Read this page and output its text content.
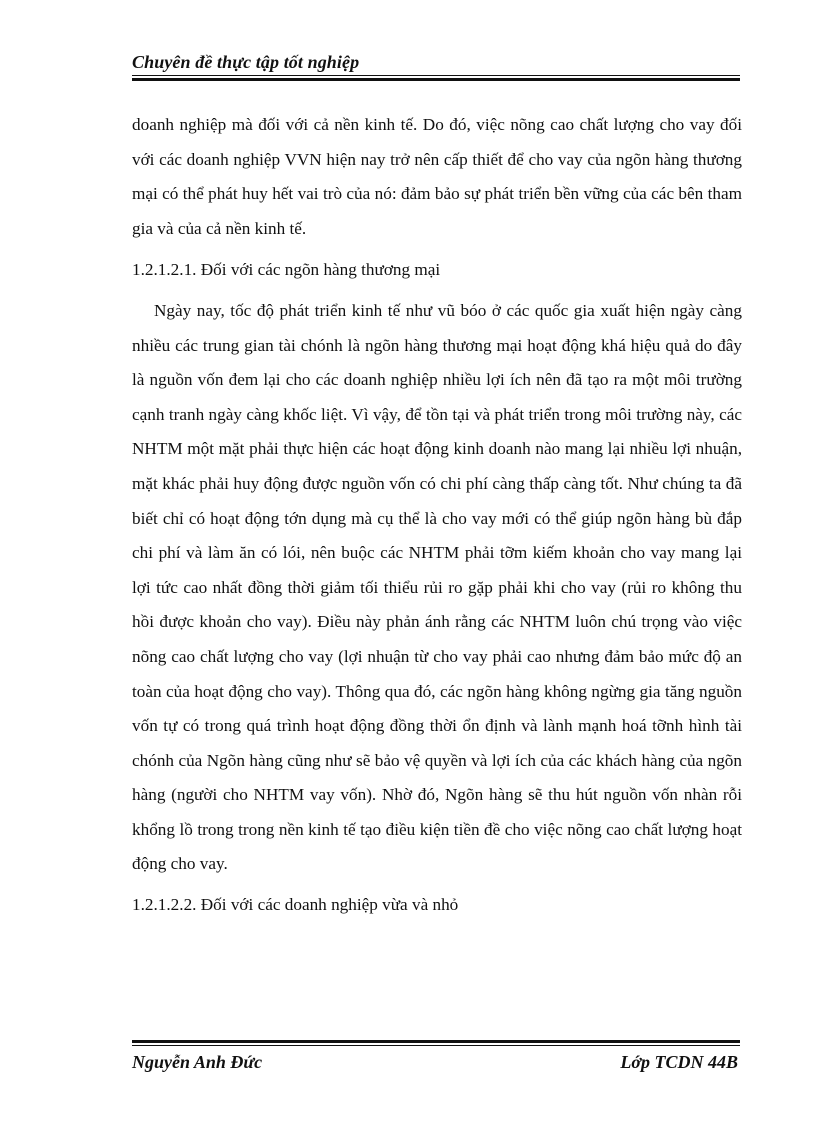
Chuyên đề thực tập tốt nghiệp

doanh nghiệp mà đối với cả nền kinh tế. Do đó, việc nõng cao chất lượng cho vay đối với các doanh nghiệp VVN hiện nay trở nên cấp thiết để cho vay của ngõn hàng thương mại có thể phát huy hết vai trò của nó: đảm bảo sự phát triển bền vững của các bên tham gia và của cả nền kinh tế.

1.2.1.2.1. Đối với các ngõn hàng thương mại

Ngày nay, tốc độ phát triển kinh tế như vũ bóo ở các quốc gia xuất hiện ngày càng nhiều các trung gian tài chónh là ngõn hàng thương mại hoạt động khá hiệu quả do đây là nguồn vốn đem lại cho các doanh nghiệp nhiều lợi ích nên đã tạo ra một môi trường cạnh tranh ngày càng khốc liệt. Vì vậy, để tồn tại và phát triển trong môi trường này, các NHTM một mặt phải thực hiện các hoạt động kinh doanh nào mang lại nhiều lợi nhuận, mặt khác phải huy động được nguồn vốn có chi phí càng thấp càng tốt. Như chúng ta đã biết chỉ có hoạt động tớn dụng mà cụ thể là cho vay mới có thể giúp ngõn hàng bù đắp chi phí và làm ăn có lói, nên buộc các NHTM phải tỡm kiếm khoản cho vay mang lại lợi tức cao nhất đồng thời giảm tối thiểu rủi ro gặp phải khi cho vay (rủi ro không thu hồi được khoản cho vay). Điều này phản ánh rằng các NHTM luôn chú trọng vào việc nõng cao chất lượng cho vay (lợi nhuận từ cho vay phải cao nhưng đảm bảo mức độ an toàn của hoạt động cho vay). Thông qua đó, các ngõn hàng không ngừng gia tăng nguồn vốn tự có trong quá trình hoạt động đồng thời ổn định và lành mạnh hoá tỡnh hình tài chónh của Ngõn hàng cũng như sẽ bảo vệ quyền và lợi ích của các khách hàng của ngõn hàng (người cho NHTM vay vốn). Nhờ đó, Ngõn hàng sẽ thu hút nguồn vốn nhàn rỗi khổng lồ trong trong nền kinh tế tạo điều kiện tiền đề cho việc nõng cao chất lượng hoạt động cho vay.

1.2.1.2.2. Đối với các doanh nghiệp vừa và nhỏ

Nguyễn Anh Đức	Lớp TCDN 44B
